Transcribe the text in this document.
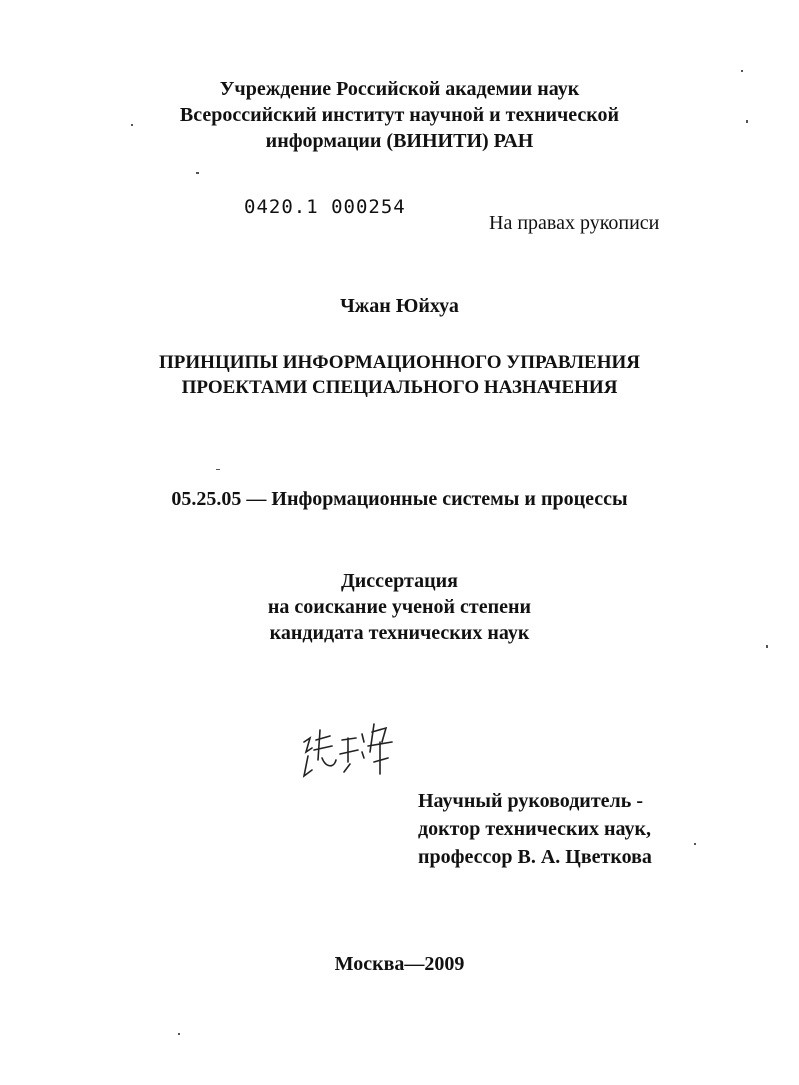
Учреждение Российской академии наук
Всероссийский институт научной и технической
информации (ВИНИТИ) РАН
0420.1 000254
На правах рукописи
Чжан Юйхуа
ПРИНЦИПЫ ИНФОРМАЦИОННОГО УПРАВЛЕНИЯ
ПРОЕКТАМИ СПЕЦИАЛЬНОГО НАЗНАЧЕНИЯ
05.25.05 — Информационные системы и процессы
Диссертация
на соискание ученой степени
кандидата технических наук
Научный руководитель -
доктор технических наук,
профессор В. А. Цветкова
Москва—2009
